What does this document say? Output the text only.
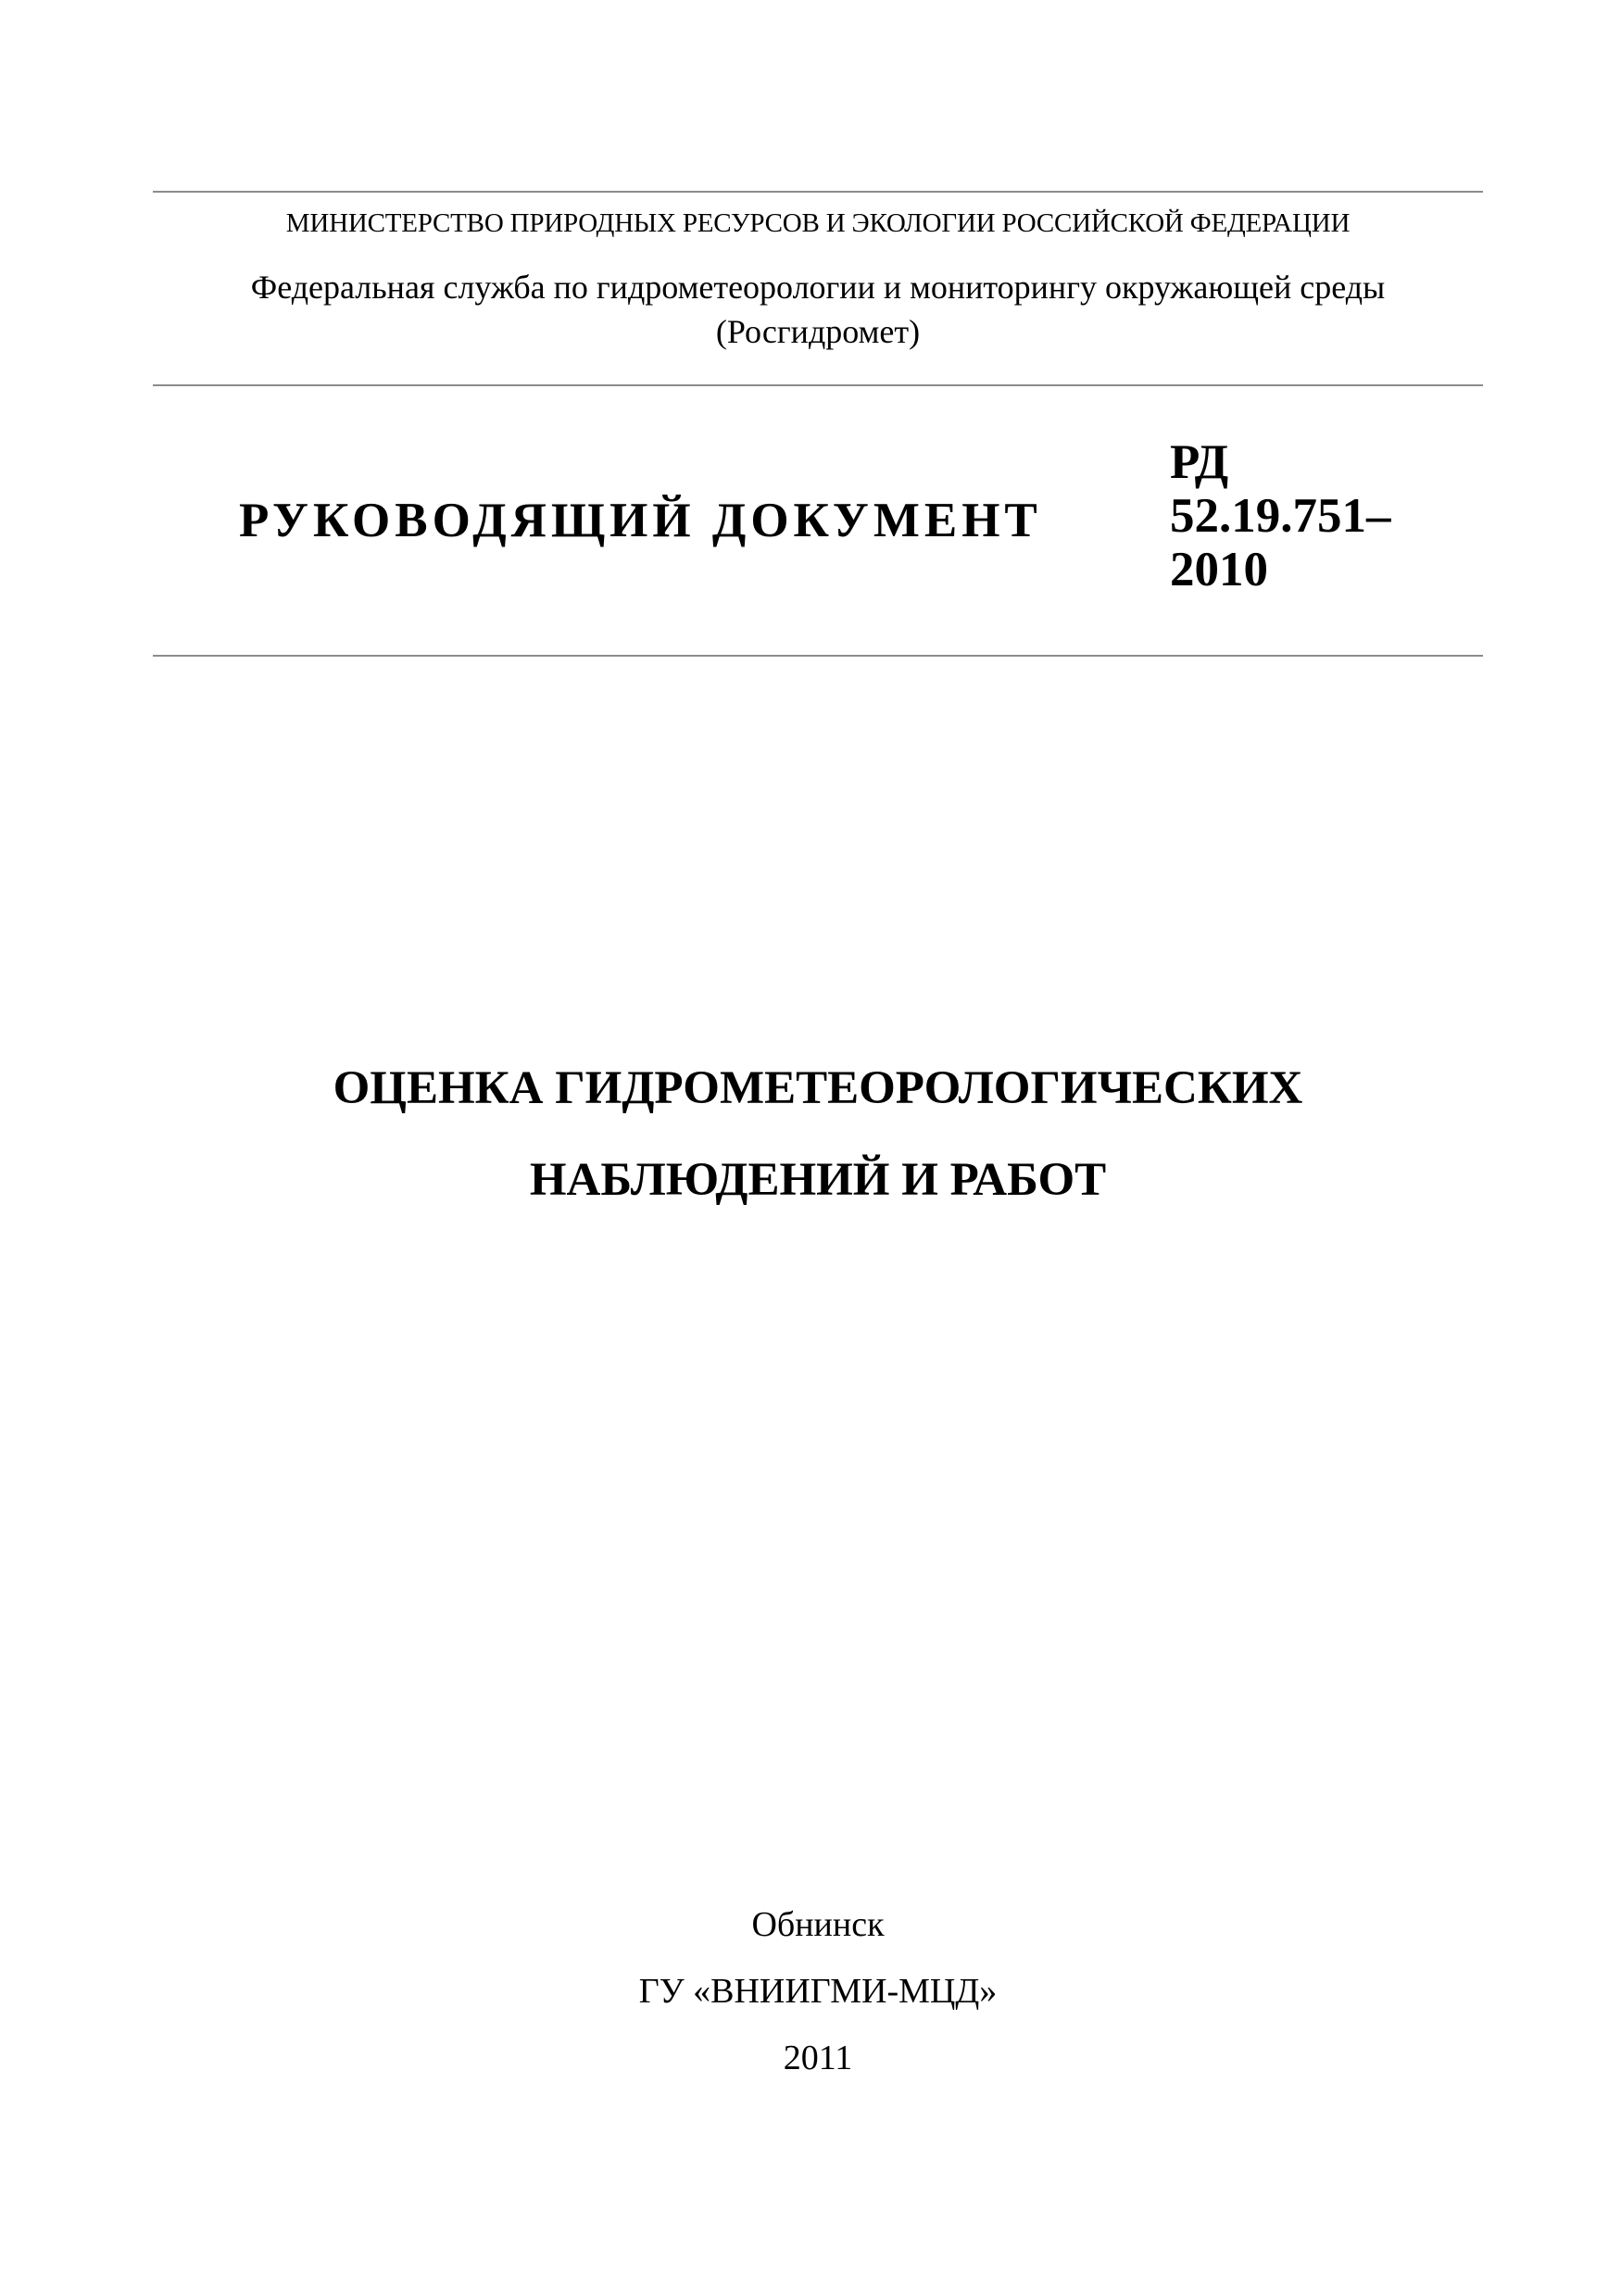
МИНИСТЕРСТВО ПРИРОДНЫХ РЕСУРСОВ И ЭКОЛОГИИ РОССИЙСКОЙ ФЕДЕРАЦИИ
Федеральная служба по гидрометеорологии и мониторингу окружающей среды
(Росгидромет)
РУКОВОДЯЩИЙ ДОКУМЕНТ
РД
52.19.751–
2010
ОЦЕНКА ГИДРОМЕТЕОРОЛОГИЧЕСКИХ
НАБЛЮДЕНИЙ И РАБОТ
Обнинск
ГУ «ВНИИГМИ-МЦД»
2011
